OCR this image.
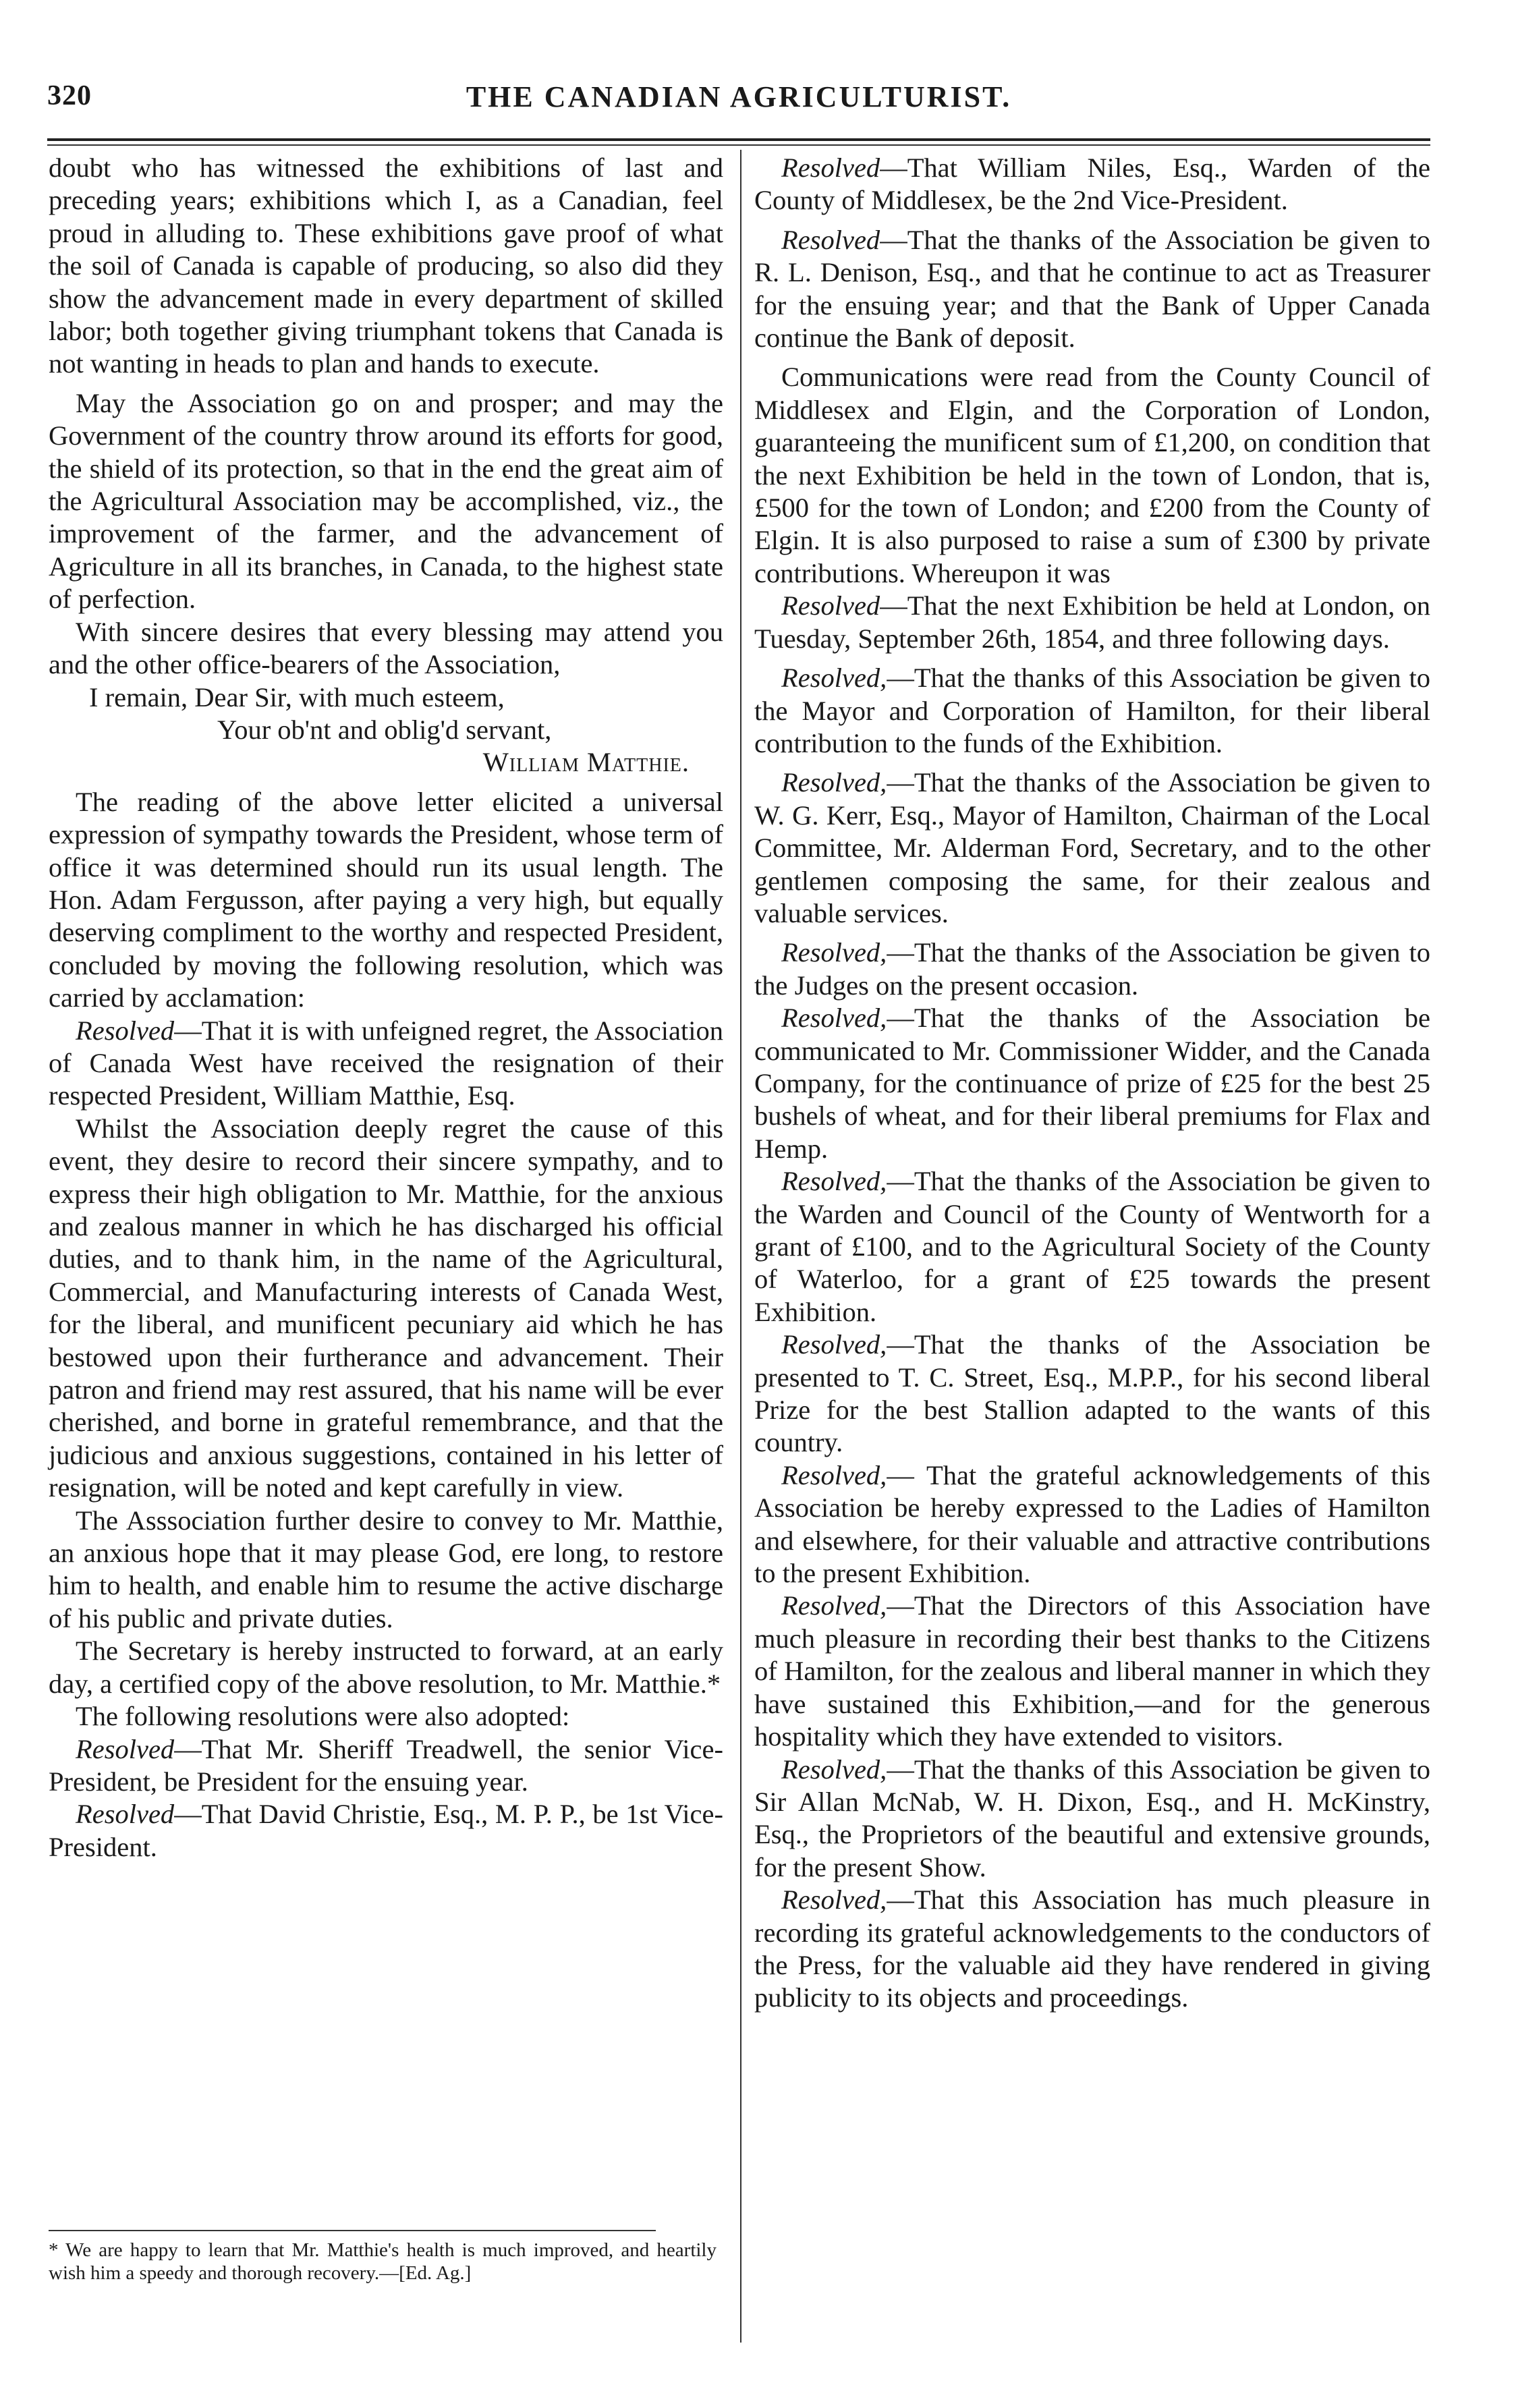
320	THE CANADIAN AGRICULTURIST.

doubt who has witnessed the exhibitions of last and preceding years; exhibitions which I, as a Canadian, feel proud in alluding to. These exhibitions gave proof of what the soil of Canada is capable of producing, so also did they show the advancement made in every department of skilled labor; both together giving triumphant tokens that Canada is not wanting in heads to plan and hands to execute.

May the Association go on and prosper; and may the Government of the country throw around its efforts for good, the shield of its protection, so that in the end the great aim of the Agricultural Association may be accomplished, viz., the improvement of the farmer, and the advancement of Agriculture in all its branches, in Canada, to the highest state of perfection.

With sincere desires that every blessing may attend you and the other office-bearers of the Association,

I remain, Dear Sir, with much esteem,

Your ob'nt and oblig'd servant,

William Matthie.

The reading of the above letter elicited a universal expression of sympathy towards the President, whose term of office it was determined should run its usual length. The Hon. Adam Fergusson, after paying a very high, but equally deserving compliment to the worthy and respected President, concluded by moving the following resolution, which was carried by acclamation:

Resolved—That it is with unfeigned regret, the Association of Canada West have received the resignation of their respected President, William Matthie, Esq.

Whilst the Association deeply regret the cause of this event, they desire to record their sincere sympathy, and to express their high obligation to Mr. Matthie, for the anxious and zealous manner in which he has discharged his official duties, and to thank him, in the name of the Agricultural, Commercial, and Manufacturing interests of Canada West, for the liberal, and munificent pecuniary aid which he has bestowed upon their furtherance and advancement. Their patron and friend may rest assured, that his name will be ever cherished, and borne in grateful remembrance, and that the judicious and anxious suggestions, contained in his letter of resignation, will be noted and kept carefully in view.

The Asssociation further desire to convey to Mr. Matthie, an anxious hope that it may please God, ere long, to restore him to health, and enable him to resume the active discharge of his public and private duties.

The Secretary is hereby instructed to forward, at an early day, a certified copy of the above resolution, to Mr. Matthie.*

The following resolutions were also adopted:

Resolved—That Mr. Sheriff Treadwell, the senior Vice-President, be President for the ensuing year.

Resolved—That David Christie, Esq., M. P. P., be 1st Vice-President.

* We are happy to learn that Mr. Matthie's health is much improved, and heartily wish him a speedy and thorough recovery.—[Ed. Ag.]

Resolved—That William Niles, Esq., Warden of the County of Middlesex, be the 2nd Vice-President.

Resolved—That the thanks of the Association be given to R. L. Denison, Esq., and that he continue to act as Treasurer for the ensuing year; and that the Bank of Upper Canada continue the Bank of deposit.

Communications were read from the County Council of Middlesex and Elgin, and the Corporation of London, guaranteeing the munificent sum of £1,200, on condition that the next Exhibition be held in the town of London, that is, £500 for the town of London; and £200 from the County of Elgin. It is also purposed to raise a sum of £300 by private contributions. Whereupon it was

Resolved—That the next Exhibition be held at London, on Tuesday, September 26th, 1854, and three following days.

Resolved,—That the thanks of this Association be given to the Mayor and Corporation of Hamilton, for their liberal contribution to the funds of the Exhibition.

Resolved,—That the thanks of the Association be given to W. G. Kerr, Esq., Mayor of Hamilton, Chairman of the Local Committee, Mr. Alderman Ford, Secretary, and to the other gentlemen composing the same, for their zealous and valuable services.

Resolved,—That the thanks of the Association be given to the Judges on the present occasion.

Resolved,—That the thanks of the Association be communicated to Mr. Commissioner Widder, and the Canada Company, for the continuance of prize of £25 for the best 25 bushels of wheat, and for their liberal premiums for Flax and Hemp.

Resolved,—That the thanks of the Association be given to the Warden and Council of the County of Wentworth for a grant of £100, and to the Agricultural Society of the County of Waterloo, for a grant of £25 towards the present Exhibition.

Resolved,—That the thanks of the Association be presented to T. C. Street, Esq., M.P.P., for his second liberal Prize for the best Stallion adapted to the wants of this country.

Resolved,— That the grateful acknowledgements of this Association be hereby expressed to the Ladies of Hamilton and elsewhere, for their valuable and attractive contributions to the present Exhibition.

Resolved,—That the Directors of this Association have much pleasure in recording their best thanks to the Citizens of Hamilton, for the zealous and liberal manner in which they have sustained this Exhibition,—and for the generous hospitality which they have extended to visitors.

Resolved,—That the thanks of this Association be given to Sir Allan McNab, W. H. Dixon, Esq., and H. McKinstry, Esq., the Proprietors of the beautiful and extensive grounds, for the present Show.

Resolved,—That this Association has much pleasure in recording its grateful acknowledgements to the conductors of the Press, for the valuable aid they have rendered in giving publicity to its objects and proceedings.
